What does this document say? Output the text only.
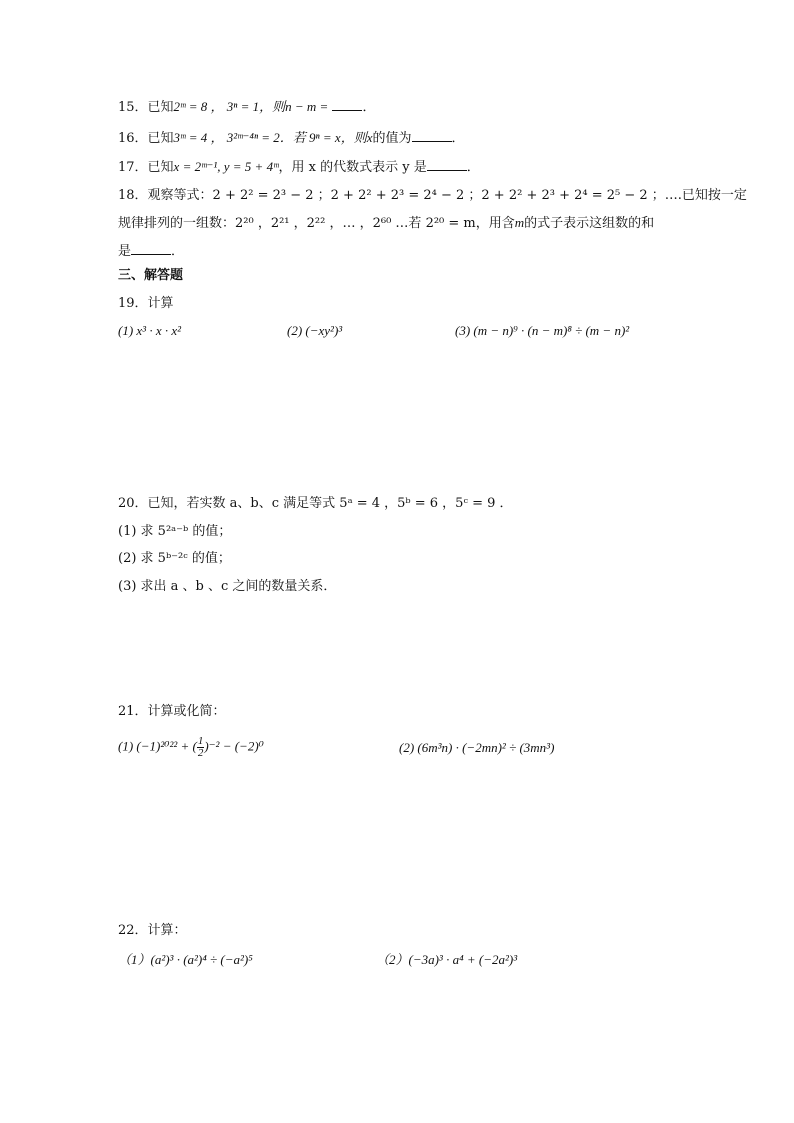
15．已知2ᵐ = 8 ， 3ⁿ = 1，则n − m =	．
16．已知3ᵐ = 4 ， 3²ᵐ⁻⁴ⁿ = 2．若 9ⁿ = x，则x的值为	．
17．已知x = 2ᵐ⁻¹, y = 5 + 4ᵐ，用 x 的代数式表示 y 是	．
18．观察等式：2 + 2² = 2³ − 2 ；2 + 2² + 2³ = 2⁴ − 2 ；2 + 2² + 2³ + 2⁴ = 2⁵ − 2 ；….已知按一定
规律排列的一组数：2²⁰ ，2²¹ ，2²² ，… ，2⁶⁰ …若 2²⁰ = m，用含m的式子表示这组数的和
是	．
三、解答题
19．计算
(1) x³ · x · x²	(2) (−xy²)³	(3) (m − n)⁹ · (n − m)⁸ ÷ (m − n)²
20．已知，若实数 a、b、c 满足等式 5ᵃ = 4 ，5ᵇ = 6 ，5ᶜ = 9 ．
(1) 求 5²ᵃ⁻ᵇ 的值；
(2) 求 5ᵇ⁻²ᶜ 的值；
(3) 求出 a 、b 、c 之间的数量关系．
21．计算或化简：
(1) (−1)²⁰²² + ( $\frac{1}{2} )^{-2} - (-2)^0$	(2) (6m³n) · (−2mn)² ÷ (3mn³)
22．计算：
（1）(a²)³ · (a²)⁴ ÷ (−a²)⁵	（2）(−3a)³ · a⁴ + (−2a²)³
